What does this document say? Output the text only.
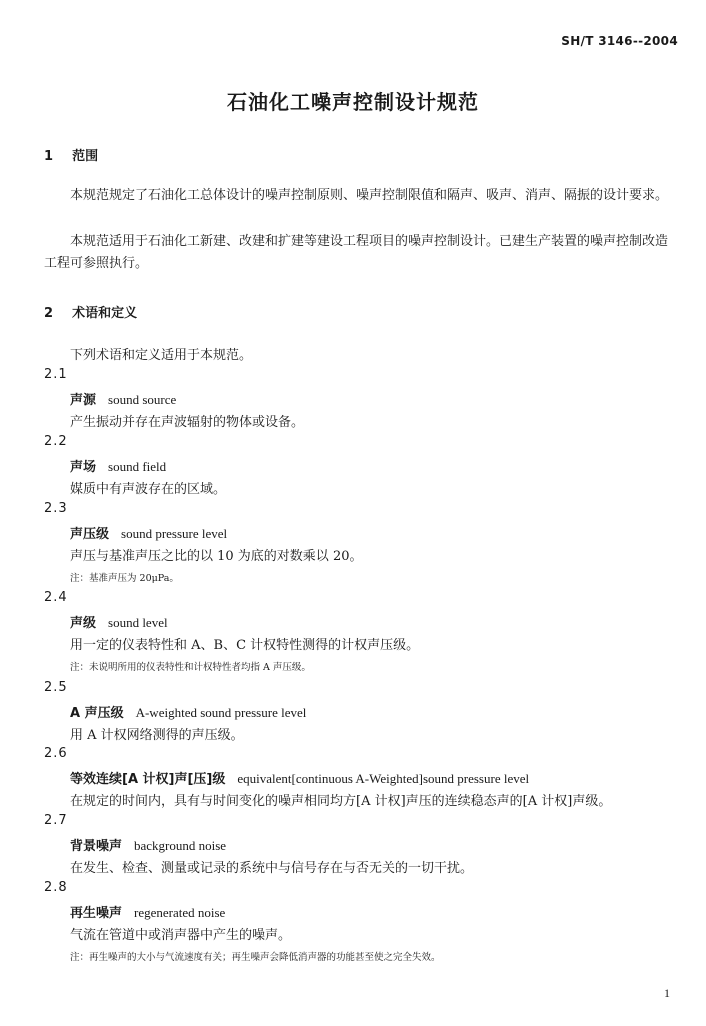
SH/T 3146--2004
石油化工噪声控制设计规范
1 范围
本规范规定了石油化工总体设计的噪声控制原则、噪声控制限值和隔声、吸声、消声、隔振的设计要求。
本规范适用于石油化工新建、改建和扩建等建设工程项目的噪声控制设计。已建生产装置的噪声控制改造工程可参照执行。
2 术语和定义
下列术语和定义适用于本规范。
2.1
声源 sound source
产生振动并存在声波辐射的物体或设备。
2.2
声场 sound field
媒质中有声波存在的区域。
2.3
声压级 sound pressure level
声压与基准声压之比的以 10 为底的对数乘以 20。
注：基准声压为 20μPa。
2.4
声级 sound level
用一定的仪表特性和 A、B、C 计权特性测得的计权声压级。
注：未说明所用的仪表特性和计权特性者均指 A 声压级。
2.5
A 声压级 A-weighted sound pressure level
用 A 计权网络测得的声压级。
2.6
等效连续[A 计权]声[压]级 equivalent[continuous A-Weighted]sound pressure level
在规定的时间内，具有与时间变化的噪声相同均方[A 计权]声压的连续稳态声的[A 计权]声级。
2.7
背景噪声 background noise
在发生、检查、测量或记录的系统中与信号存在与否无关的一切干扰。
2.8
再生噪声 regenerated noise
气流在管道中或消声器中产生的噪声。
注：再生噪声的大小与气流速度有关；再生噪声会降低消声器的功能甚至使之完全失效。
1
